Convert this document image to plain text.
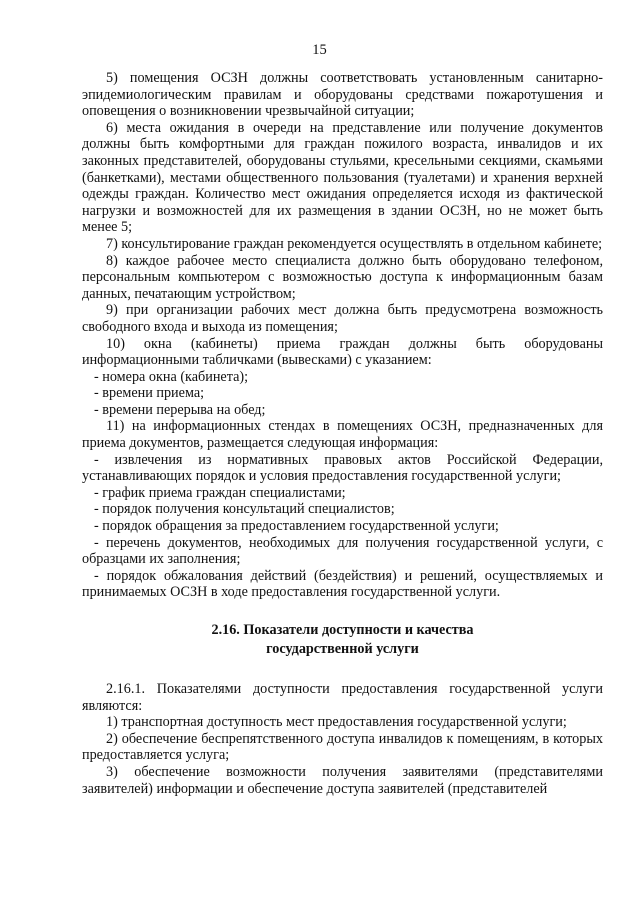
15

5) помещения ОСЗН должны соответствовать установленным санитарно-эпидемиологическим правилам и оборудованы средствами пожаротушения и оповещения о возникновении чрезвычайной ситуации;

6) места ожидания в очереди на представление или получение документов должны быть комфортными для граждан пожилого возраста, инвалидов и их законных представителей, оборудованы стульями, кресельными секциями, скамьями (банкетками), местами общественного пользования (туалетами) и хранения верхней одежды граждан. Количество мест ожидания определяется исходя из фактической нагрузки и возможностей для их размещения в здании ОСЗН, но не может быть менее 5;

7) консультирование граждан рекомендуется осуществлять в отдельном кабинете;

8) каждое рабочее место специалиста должно быть оборудовано телефоном, персональным компьютером с возможностью доступа к информационным базам данных, печатающим устройством;

9) при организации рабочих мест должна быть предусмотрена возможность свободного входа и выхода из помещения;

10) окна (кабинеты) приема граждан должны быть оборудованы информационными табличками (вывесками) с указанием:

- номера окна (кабинета);

- времени приема;

- времени перерыва на обед;

11) на информационных стендах в помещениях ОСЗН, предназначенных для приема документов, размещается следующая информация:

- извлечения из нормативных правовых актов Российской Федерации, устанавливающих порядок и условия предоставления государственной услуги;

- график приема граждан специалистами;

- порядок получения консультаций специалистов;

- порядок обращения за предоставлением государственной услуги;

- перечень документов, необходимых для получения государственной услуги, с образцами их заполнения;

- порядок обжалования действий (бездействия) и решений, осуществляемых и принимаемых ОСЗН в ходе предоставления государственной услуги.

2.16. Показатели доступности и качества
государственной услуги

2.16.1. Показателями доступности предоставления государственной услуги являются:

1) транспортная доступность мест предоставления государственной услуги;

2) обеспечение беспрепятственного доступа инвалидов к помещениям, в которых предоставляется услуга;

3) обеспечение возможности получения заявителями (представителями заявителей) информации и обеспечение доступа заявителей (представителей
